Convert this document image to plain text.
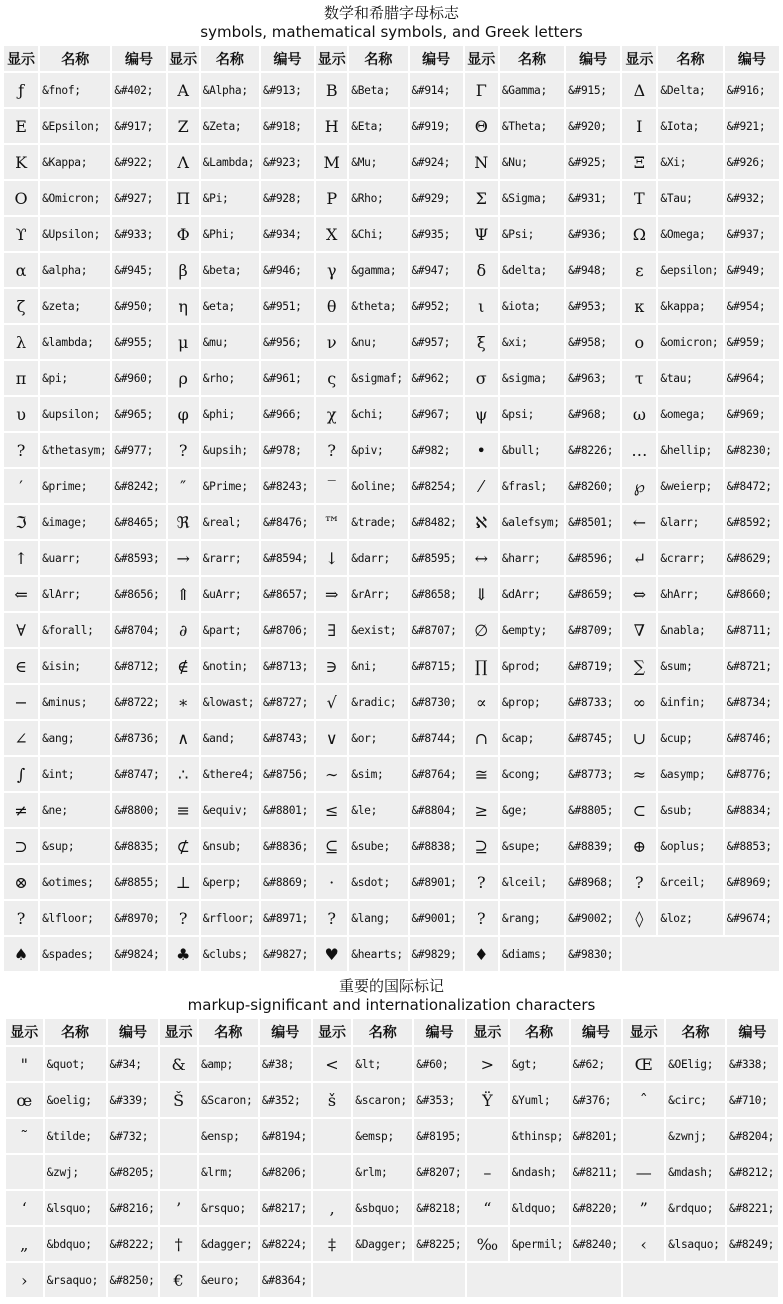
数学和希腊字母标志
symbols, mathematical symbols, and Greek letters
显示	名称	编号	显示	名称	编号	显示	名称	编号	显示	名称	编号	显示	名称	编号
ƒ	&fnof;	&#402;	Α	&Alpha;	&#913;	Β	&Beta;	&#914;	Γ	&Gamma;	&#915;	Δ	&Delta;	&#916;
Ε	&Epsilon;	&#917;	Ζ	&Zeta;	&#918;	Η	&Eta;	&#919;	Θ	&Theta;	&#920;	Ι	&Iota;	&#921;
Κ	&Kappa;	&#922;	Λ	&Lambda;	&#923;	Μ	&Mu;	&#924;	Ν	&Nu;	&#925;	Ξ	&Xi;	&#926;
Ο	&Omicron;	&#927;	Π	&Pi;	&#928;	Ρ	&Rho;	&#929;	Σ	&Sigma;	&#931;	Τ	&Tau;	&#932;
ϒ	&Upsilon;	&#933;	Φ	&Phi;	&#934;	Χ	&Chi;	&#935;	Ψ	&Psi;	&#936;	Ω	&Omega;	&#937;
α	&alpha;	&#945;	β	&beta;	&#946;	γ	&gamma;	&#947;	δ	&delta;	&#948;	ε	&epsilon;	&#949;
ζ	&zeta;	&#950;	η	&eta;	&#951;	θ	&theta;	&#952;	ι	&iota;	&#953;	κ	&kappa;	&#954;
λ	&lambda;	&#955;	μ	&mu;	&#956;	ν	&nu;	&#957;	ξ	&xi;	&#958;	ο	&omicron;	&#959;
π	&pi;	&#960;	ρ	&rho;	&#961;	ς	&sigmaf;	&#962;	σ	&sigma;	&#963;	τ	&tau;	&#964;
υ	&upsilon;	&#965;	φ	&phi;	&#966;	χ	&chi;	&#967;	ψ	&psi;	&#968;	ω	&omega;	&#969;
?	&thetasym;	&#977;	?	&upsih;	&#978;	?	&piv;	&#982;	•	&bull;	&#8226;	…	&hellip;	&#8230;
′	&prime;	&#8242;	″	&Prime;	&#8243;	‾	&oline;	&#8254;	⁄	&frasl;	&#8260;	℘	&weierp;	&#8472;
ℑ	&image;	&#8465;	ℜ	&real;	&#8476;	™	&trade;	&#8482;	ℵ	&alefsym;	&#8501;	←	&larr;	&#8592;
↑	&uarr;	&#8593;	→	&rarr;	&#8594;	↓	&darr;	&#8595;	↔	&harr;	&#8596;	↵	&crarr;	&#8629;
⇐	&lArr;	&#8656;	⇑	&uArr;	&#8657;	⇒	&rArr;	&#8658;	⇓	&dArr;	&#8659;	⇔	&hArr;	&#8660;
∀	&forall;	&#8704;	∂	&part;	&#8706;	∃	&exist;	&#8707;	∅	&empty;	&#8709;	∇	&nabla;	&#8711;
∈	&isin;	&#8712;	∉	&notin;	&#8713;	∋	&ni;	&#8715;	∏	&prod;	&#8719;	∑	&sum;	&#8721;
−	&minus;	&#8722;	∗	&lowast;	&#8727;	√	&radic;	&#8730;	∝	&prop;	&#8733;	∞	&infin;	&#8734;
∠	&ang;	&#8736;	∧	&and;	&#8743;	∨	&or;	&#8744;	∩	&cap;	&#8745;	∪	&cup;	&#8746;
∫	&int;	&#8747;	∴	&there4;	&#8756;	∼	&sim;	&#8764;	≅	&cong;	&#8773;	≈	&asymp;	&#8776;
≠	&ne;	&#8800;	≡	&equiv;	&#8801;	≤	&le;	&#8804;	≥	&ge;	&#8805;	⊂	&sub;	&#8834;
⊃	&sup;	&#8835;	⊄	&nsub;	&#8836;	⊆	&sube;	&#8838;	⊇	&supe;	&#8839;	⊕	&oplus;	&#8853;
⊗	&otimes;	&#8855;	⊥	&perp;	&#8869;	⋅	&sdot;	&#8901;	?	&lceil;	&#8968;	?	&rceil;	&#8969;
?	&lfloor;	&#8970;	?	&rfloor;	&#8971;	?	&lang;	&#9001;	?	&rang;	&#9002;	◊	&loz;	&#9674;
♠	&spades;	&#9824;	♣	&clubs;	&#9827;	♥	&hearts;	&#9829;	♦	&diams;	&#9830;			
重要的国际标记
markup-significant and internationalization characters
显示	名称	编号	显示	名称	编号	显示	名称	编号	显示	名称	编号	显示	名称	编号
"	&quot;	&#34;	&	&amp;	&#38;	<	&lt;	&#60;	>	&gt;	&#62;	Œ	&OElig;	&#338;
œ	&oelig;	&#339;	Š	&Scaron;	&#352;	š	&scaron;	&#353;	Ÿ	&Yuml;	&#376;	ˆ	&circ;	&#710;
˜	&tilde;	&#732;		&ensp;	&#8194;		&emsp;	&#8195;		&thinsp;	&#8201;		&zwnj;	&#8204;
	&zwj;	&#8205;		&lrm;	&#8206;		&rlm;	&#8207;	–	&ndash;	&#8211;	—	&mdash;	&#8212;
‘	&lsquo;	&#8216;	’	&rsquo;	&#8217;	‚	&sbquo;	&#8218;	“	&ldquo;	&#8220;	”	&rdquo;	&#8221;
„	&bdquo;	&#8222;	†	&dagger;	&#8224;	‡	&Dagger;	&#8225;	‰	&permil;	&#8240;	‹	&lsaquo;	&#8249;
›	&rsaquo;	&#8250;	€	&euro;	&#8364;									
